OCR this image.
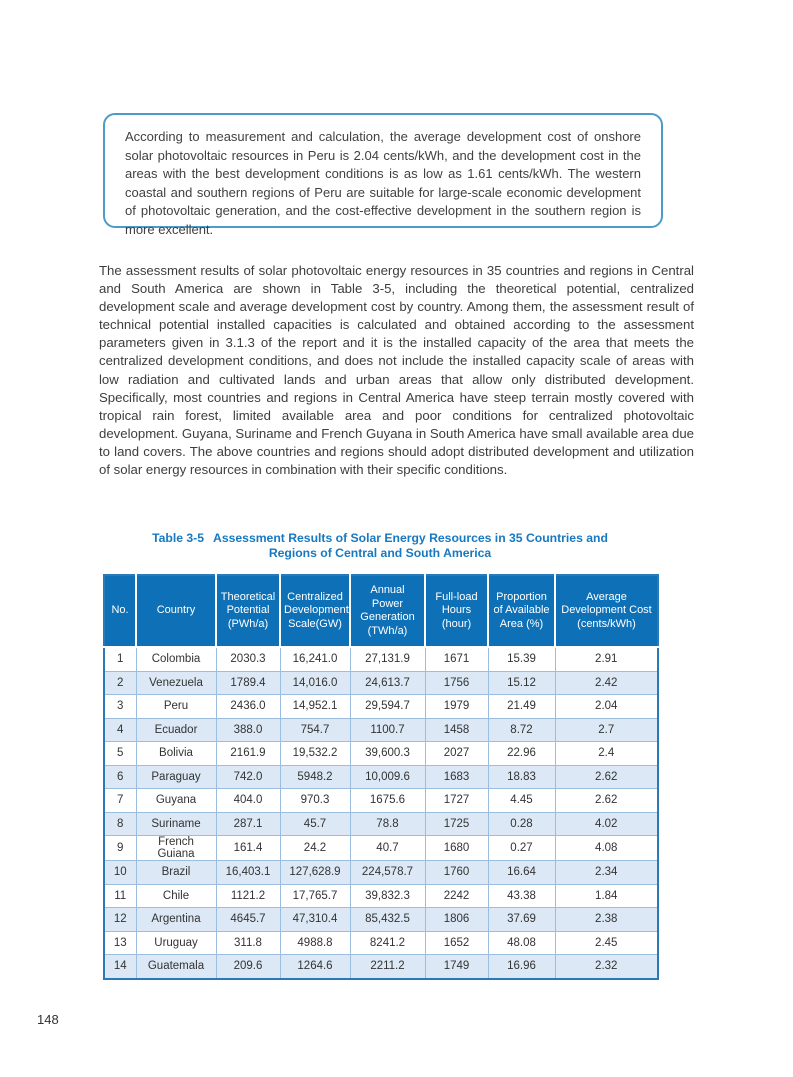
According to measurement and calculation, the average development cost of onshore solar photovoltaic resources in Peru is 2.04 cents/kWh, and the development cost in the areas with the best development conditions is as low as 1.61 cents/kWh. The western coastal and southern regions of Peru are suitable for large-scale economic development of photovoltaic generation, and the cost-effective development in the southern region is more excellent.

The assessment results of solar photovoltaic energy resources in 35 countries and regions in Central and South America are shown in Table 3-5, including the theoretical potential, centralized development scale and average development cost by country. Among them, the assessment result of technical potential installed capacities is calculated and obtained according to the assessment parameters given in 3.1.3 of the report and it is the installed capacity of the area that meets the centralized development conditions, and does not include the installed capacity scale of areas with low radiation and cultivated lands and urban areas that allow only distributed development. Specifically, most countries and regions in Central America have steep terrain mostly covered with tropical rain forest, limited available area and poor conditions for centralized photovoltaic development. Guyana, Suriname and French Guyana in South America have small available area due to land covers. The above countries and regions should adopt distributed development and utilization of solar energy resources in combination with their specific conditions.

Table 3-5 Assessment Results of Solar Energy Resources in 35 Countries and Regions of Central and South America
No.	Country	Theoretical Potential (PWh/a)	Centralized Development Scale(GW)	Annual Power Generation (TWh/a)	Full-load Hours (hour)	Proportion of Available Area (%)	Average Development Cost (cents/kWh)
1	Colombia	2030.3	16,241.0	27,131.9	1671	15.39	2.91
2	Venezuela	1789.4	14,016.0	24,613.7	1756	15.12	2.42
3	Peru	2436.0	14,952.1	29,594.7	1979	21.49	2.04
4	Ecuador	388.0	754.7	1100.7	1458	8.72	2.7
5	Bolivia	2161.9	19,532.2	39,600.3	2027	22.96	2.4
6	Paraguay	742.0	5948.2	10,009.6	1683	18.83	2.62
7	Guyana	404.0	970.3	1675.6	1727	4.45	2.62
8	Suriname	287.1	45.7	78.8	1725	0.28	4.02
9	French Guiana	161.4	24.2	40.7	1680	0.27	4.08
10	Brazil	16,403.1	127,628.9	224,578.7	1760	16.64	2.34
11	Chile	1121.2	17,765.7	39,832.3	2242	43.38	1.84
12	Argentina	4645.7	47,310.4	85,432.5	1806	37.69	2.38
13	Uruguay	311.8	4988.8	8241.2	1652	48.08	2.45
14	Guatemala	209.6	1264.6	2211.2	1749	16.96	2.32
148
